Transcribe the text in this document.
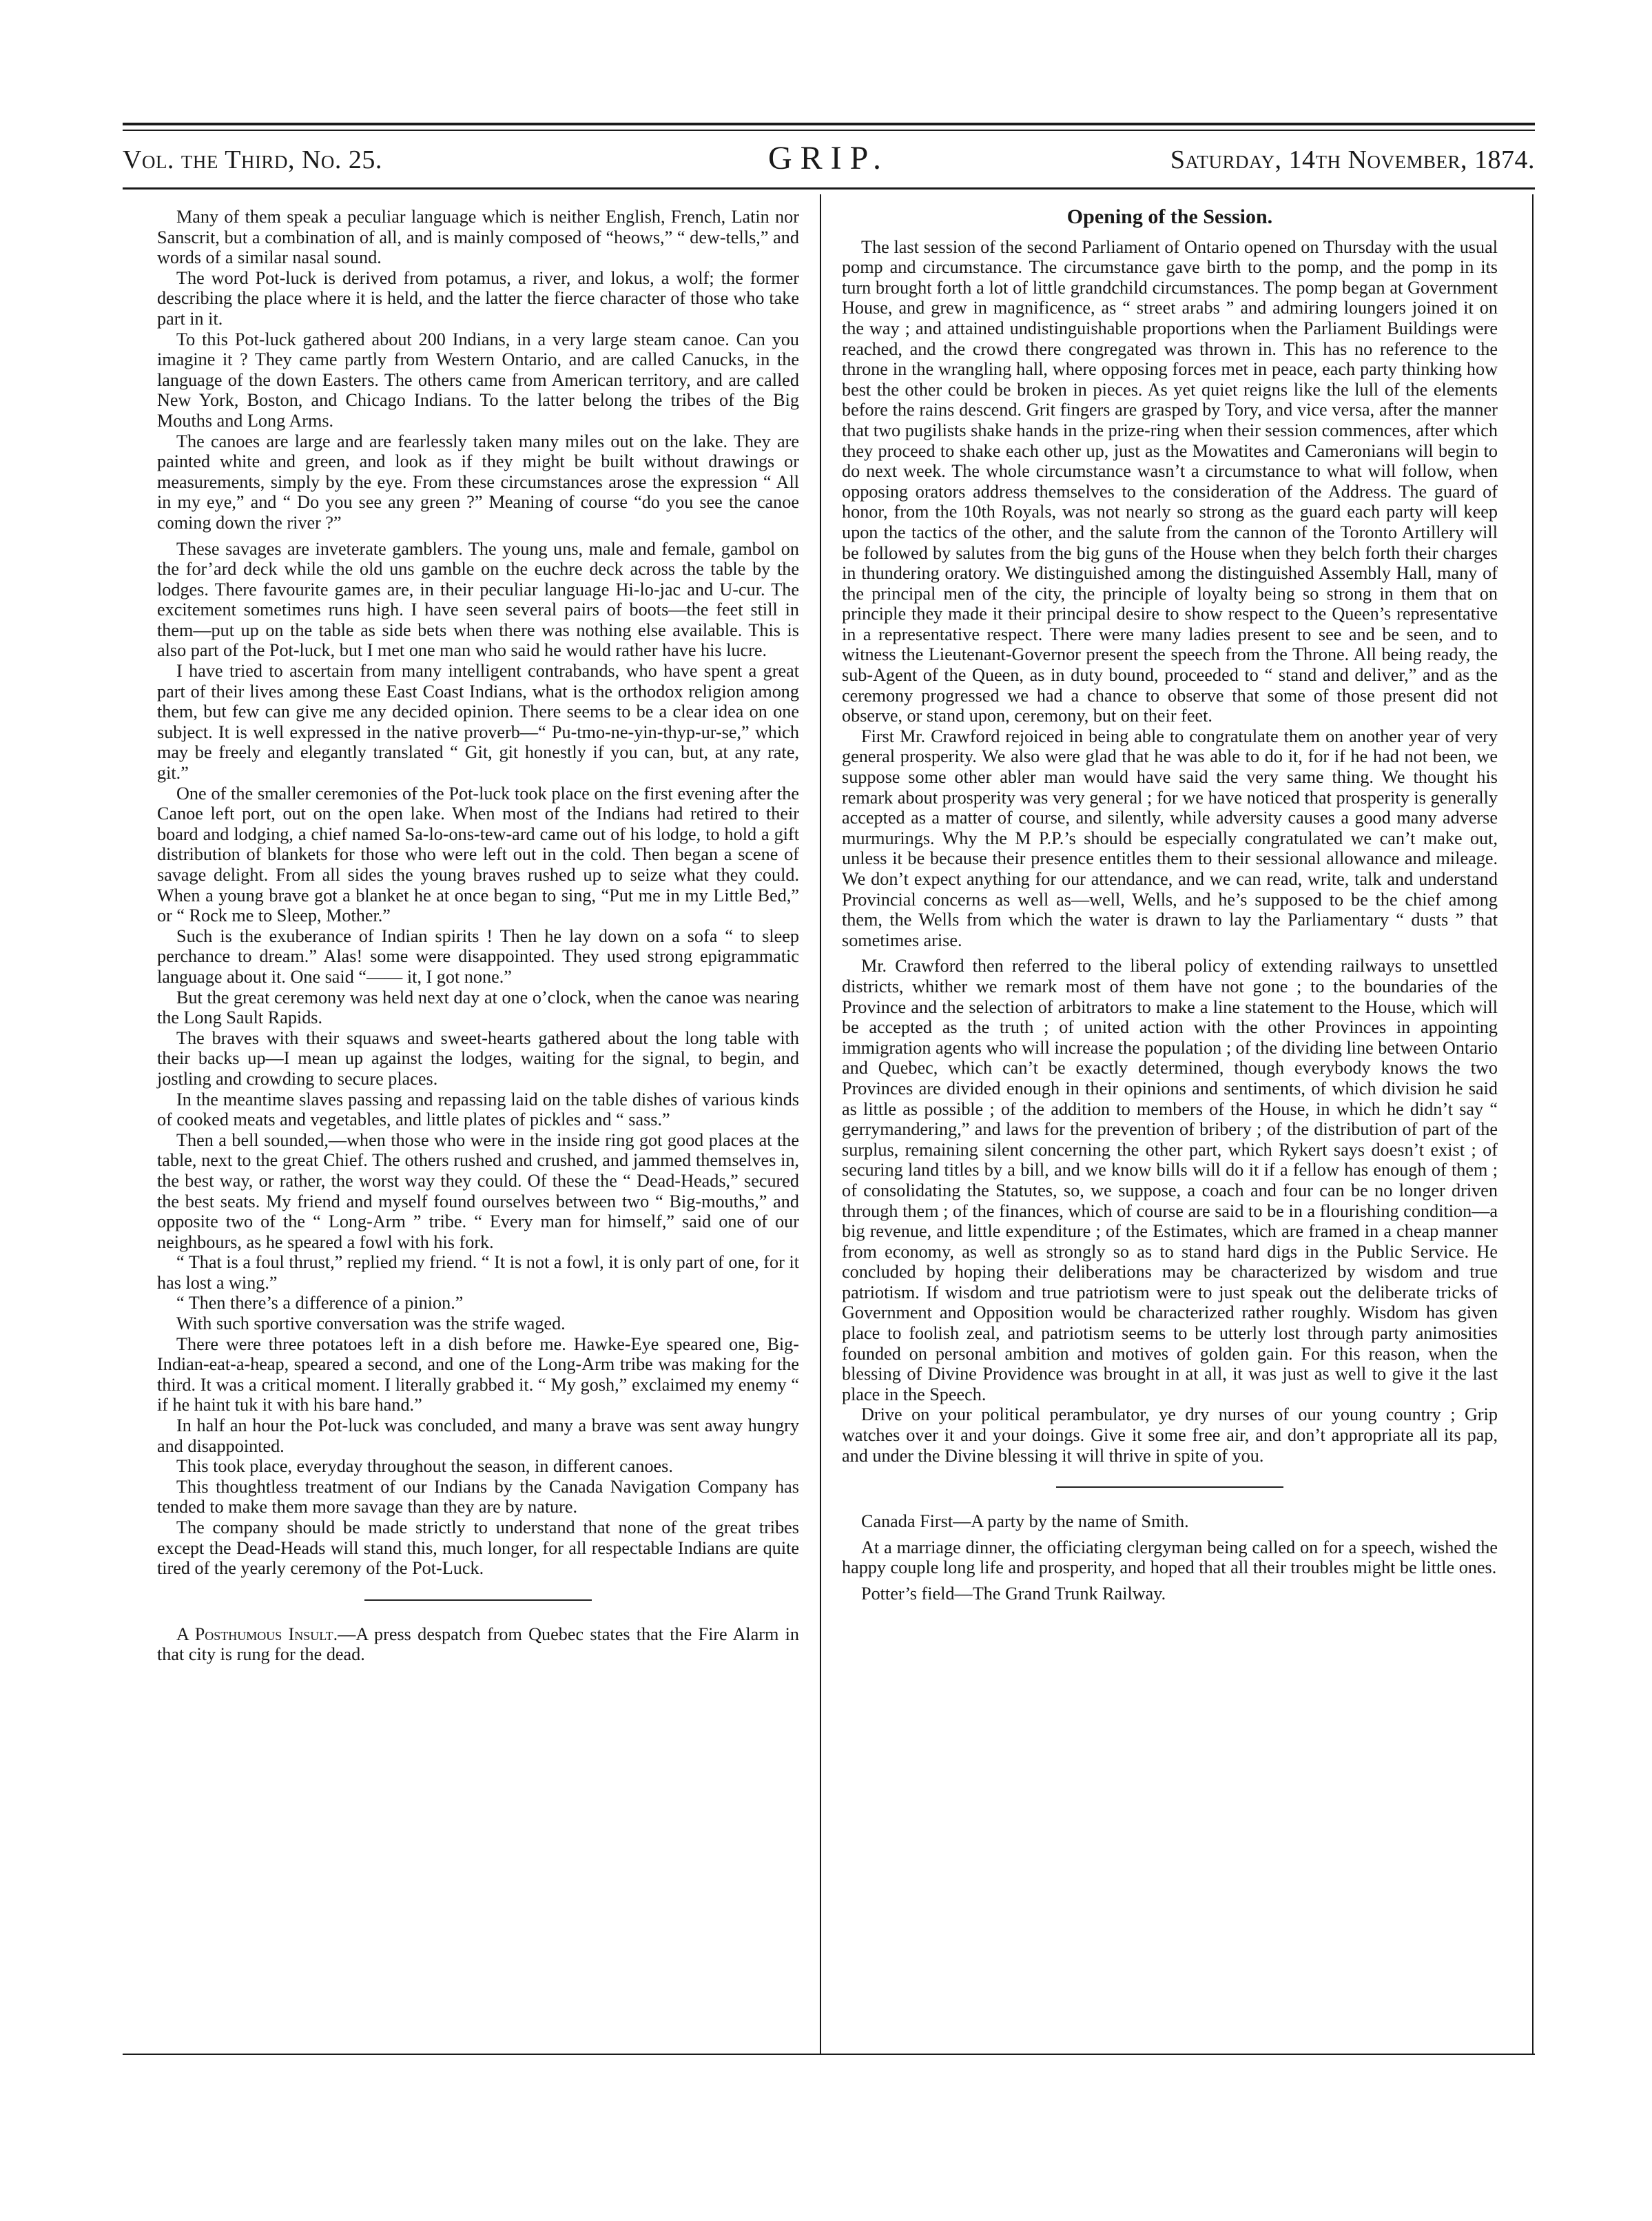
Vol. the Third, No. 25.	GRIP.	Saturday, 14th November, 1874.

Many of them speak a peculiar language which is neither English, French, Latin nor Sanscrit, but a combination of all, and is mainly composed of “heows,” “ dew-tells,” and words of a similar nasal sound.

The word Pot-luck is derived from potamus, a river, and lokus, a wolf; the former describing the place where it is held, and the latter the fierce character of those who take part in it.

To this Pot-luck gathered about 200 Indians, in a very large steam canoe. Can you imagine it ? They came partly from Western Ontario, and are called Canucks, in the language of the down Easters. The others came from American territory, and are called New York, Boston, and Chicago Indians. To the latter belong the tribes of the Big Mouths and Long Arms.

The canoes are large and are fearlessly taken many miles out on the lake. They are painted white and green, and look as if they might be built without drawings or measurements, simply by the eye. From these circumstances arose the expression “ All in my eye,” and “ Do you see any green ?” Meaning of course “do you see the canoe coming down the river ?”

These savages are inveterate gamblers. The young uns, male and female, gambol on the for’ard deck while the old uns gamble on the euchre deck across the table by the lodges. There favourite games are, in their peculiar language Hi-lo-jac and U-cur. The excitement sometimes runs high. I have seen several pairs of boots—the feet still in them—put up on the table as side bets when there was nothing else available. This is also part of the Pot-luck, but I met one man who said he would rather have his lucre.

I have tried to ascertain from many intelligent contrabands, who have spent a great part of their lives among these East Coast Indians, what is the orthodox religion among them, but few can give me any decided opinion. There seems to be a clear idea on one subject. It is well expressed in the native proverb—“ Pu-tmo-ne-yin-thyp-ur-se,” which may be freely and elegantly translated “ Git, git honestly if you can, but, at any rate, git.”

One of the smaller ceremonies of the Pot-luck took place on the first evening after the Canoe left port, out on the open lake. When most of the Indians had retired to their board and lodging, a chief named Sa-lo-ons-tew-ard came out of his lodge, to hold a gift distribution of blankets for those who were left out in the cold. Then began a scene of savage delight. From all sides the young braves rushed up to seize what they could. When a young brave got a blanket he at once began to sing, “Put me in my Little Bed,” or “ Rock me to Sleep, Mother.”

Such is the exuberance of Indian spirits ! Then he lay down on a sofa “ to sleep perchance to dream.” Alas! some were disappointed. They used strong epigrammatic language about it. One said “—— it, I got none.”

But the great ceremony was held next day at one o’clock, when the canoe was nearing the Long Sault Rapids.

The braves with their squaws and sweet-hearts gathered about the long table with their backs up—I mean up against the lodges, waiting for the signal, to begin, and jostling and crowding to secure places.

In the meantime slaves passing and repassing laid on the table dishes of various kinds of cooked meats and vegetables, and little plates of pickles and “ sass.”

Then a bell sounded,—when those who were in the inside ring got good places at the table, next to the great Chief. The others rushed and crushed, and jammed themselves in, the best way, or rather, the worst way they could. Of these the “ Dead-Heads,” secured the best seats. My friend and myself found ourselves between two “ Big-mouths,” and opposite two of the “ Long-Arm ” tribe. “ Every man for himself,” said one of our neighbours, as he speared a fowl with his fork.

“ That is a foul thrust,” replied my friend. “ It is not a fowl, it is only part of one, for it has lost a wing.”

“ Then there’s a difference of a pinion.”

With such sportive conversation was the strife waged.

There were three potatoes left in a dish before me. Hawke-Eye speared one, Big-Indian-eat-a-heap, speared a second, and one of the Long-Arm tribe was making for the third. It was a critical moment. I literally grabbed it. “ My gosh,” exclaimed my enemy “ if he haint tuk it with his bare hand.”

In half an hour the Pot-luck was concluded, and many a brave was sent away hungry and disappointed.

This took place, everyday throughout the season, in different canoes.

This thoughtless treatment of our Indians by the Canada Navigation Company has tended to make them more savage than they are by nature.

The company should be made strictly to understand that none of the great tribes except the Dead-Heads will stand this, much longer, for all respectable Indians are quite tired of the yearly ceremony of the Pot-Luck.

A Posthumous Insult.—A press despatch from Quebec states that the Fire Alarm in that city is rung for the dead.

Opening of the Session.

The last session of the second Parliament of Ontario opened on Thursday with the usual pomp and circumstance. The circumstance gave birth to the pomp, and the pomp in its turn brought forth a lot of little grandchild circumstances. The pomp began at Government House, and grew in magnificence, as “ street arabs ” and admiring loungers joined it on the way ; and attained undistinguishable proportions when the Parliament Buildings were reached, and the crowd there congregated was thrown in. This has no reference to the throne in the wrangling hall, where opposing forces met in peace, each party thinking how best the other could be broken in pieces. As yet quiet reigns like the lull of the elements before the rains descend. Grit fingers are grasped by Tory, and vice versa, after the manner that two pugilists shake hands in the prize-ring when their session commences, after which they proceed to shake each other up, just as the Mowatites and Cameronians will begin to do next week. The whole circumstance wasn’t a circumstance to what will follow, when opposing orators address themselves to the consideration of the Address. The guard of honor, from the 10th Royals, was not nearly so strong as the guard each party will keep upon the tactics of the other, and the salute from the cannon of the Toronto Artillery will be followed by salutes from the big guns of the House when they belch forth their charges in thundering oratory. We distinguished among the distinguished Assembly Hall, many of the principal men of the city, the principle of loyalty being so strong in them that on principle they made it their principal desire to show respect to the Queen’s representative in a representative respect. There were many ladies present to see and be seen, and to witness the Lieutenant-Governor present the speech from the Throne. All being ready, the sub-Agent of the Queen, as in duty bound, proceeded to “ stand and deliver,” and as the ceremony progressed we had a chance to observe that some of those present did not observe, or stand upon, ceremony, but on their feet.

First Mr. Crawford rejoiced in being able to congratulate them on another year of very general prosperity. We also were glad that he was able to do it, for if he had not been, we suppose some other abler man would have said the very same thing. We thought his remark about prosperity was very general ; for we have noticed that prosperity is generally accepted as a matter of course, and silently, while adversity causes a good many adverse murmurings. Why the M P.P.’s should be especially congratulated we can’t make out, unless it be because their presence entitles them to their sessional allowance and mileage. We don’t expect anything for our attendance, and we can read, write, talk and understand Provincial concerns as well as—well, Wells, and he’s supposed to be the chief among them, the Wells from which the water is drawn to lay the Parliamentary “ dusts ” that sometimes arise.

Mr. Crawford then referred to the liberal policy of extending railways to unsettled districts, whither we remark most of them have not gone ; to the boundaries of the Province and the selection of arbitrators to make a line statement to the House, which will be accepted as the truth ; of united action with the other Provinces in appointing immigration agents who will increase the population ; of the dividing line between Ontario and Quebec, which can’t be exactly determined, though everybody knows the two Provinces are divided enough in their opinions and sentiments, of which division he said as little as possible ; of the addition to members of the House, in which he didn’t say “ gerrymandering,” and laws for the prevention of bribery ; of the distribution of part of the surplus, remaining silent concerning the other part, which Rykert says doesn’t exist ; of securing land titles by a bill, and we know bills will do it if a fellow has enough of them ; of consolidating the Statutes, so, we suppose, a coach and four can be no longer driven through them ; of the finances, which of course are said to be in a flourishing condition—a big revenue, and little expenditure ; of the Estimates, which are framed in a cheap manner from economy, as well as strongly so as to stand hard digs in the Public Service. He concluded by hoping their deliberations may be characterized by wisdom and true patriotism. If wisdom and true patriotism were to just speak out the deliberate tricks of Government and Opposition would be characterized rather roughly. Wisdom has given place to foolish zeal, and patriotism seems to be utterly lost through party animosities founded on personal ambition and motives of golden gain. For this reason, when the blessing of Divine Providence was brought in at all, it was just as well to give it the last place in the Speech.

Drive on your political perambulator, ye dry nurses of our young country ; Grip watches over it and your doings. Give it some free air, and don’t appropriate all its pap, and under the Divine blessing it will thrive in spite of you.

Canada First—A party by the name of Smith.

At a marriage dinner, the officiating clergyman being called on for a speech, wished the happy couple long life and prosperity, and hoped that all their troubles might be little ones.

Potter’s field—The Grand Trunk Railway.
